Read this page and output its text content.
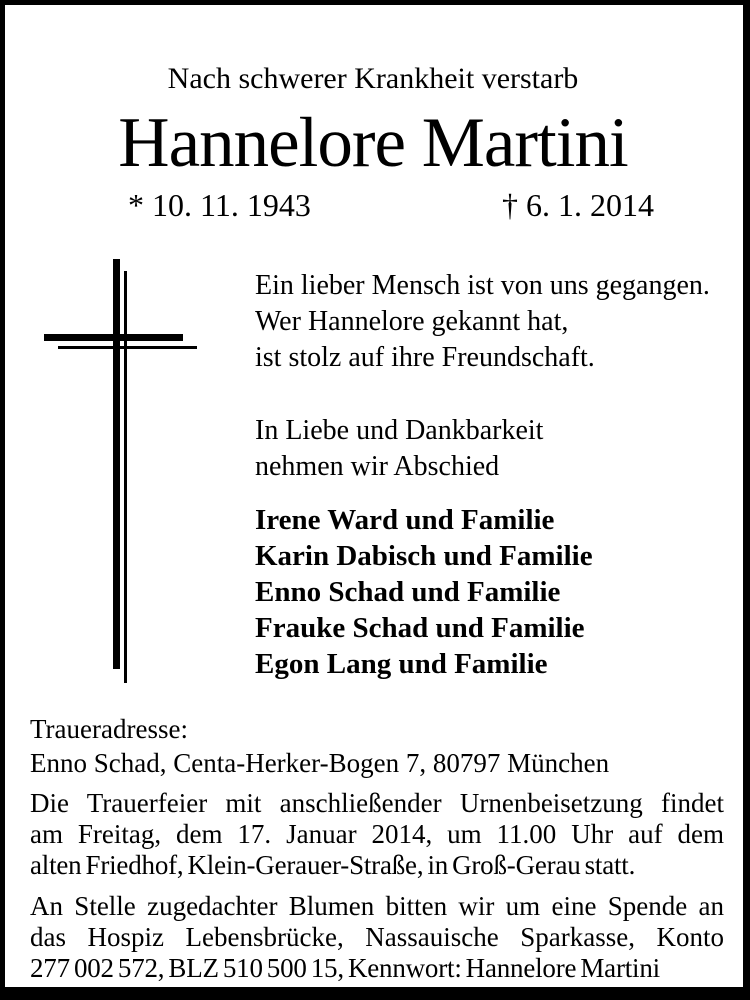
Nach schwerer Krankheit verstarb
Hannelore Martini
* 10. 11. 1943	† 6. 1. 2014
Ein lieber Mensch ist von uns gegangen.
Wer Hannelore gekannt hat,
ist stolz auf ihre Freundschaft.
In Liebe und Dankbarkeit
nehmen wir Abschied
Irene Ward und Familie
Karin Dabisch und Familie
Enno Schad und Familie
Frauke Schad und Familie
Egon Lang und Familie
Traueradresse:
Enno Schad, Centa-Herker-Bogen 7, 80797 München
Die Trauerfeier mit anschließender Urnenbeisetzung findet
am Freitag, dem 17. Januar 2014, um 11.00 Uhr auf dem
alten Friedhof, Klein-Gerauer-Straße, in Groß-Gerau statt.
An Stelle zugedachter Blumen bitten wir um eine Spende an
das Hospiz Lebensbrücke, Nassauische Sparkasse, Konto
277 002 572, BLZ 510 500 15, Kennwort: Hannelore Martini
